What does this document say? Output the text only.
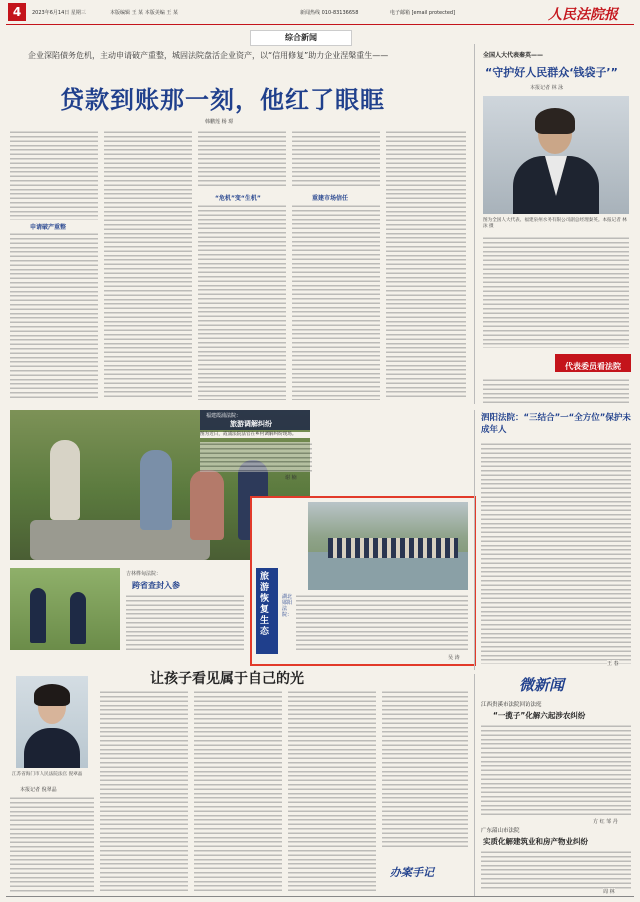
4	2023年6月14日 星期三	本版编辑 王 某 本版美编 王 某	新闻热线 010-83136658	电子邮箱 [email protected]	人民法院报
综合新闻
企业深陷债务危机，主动申请破产重整，城固法院盘活企业资产，以“信用修复”助力企业涅槃重生——
贷款到账那一刻，他红了眼眶
韩鹏莲 杨 璟
申请破产重整
“危机”变“生机”	重建市场信任
全国人大代表秦英——
“守护好人民群众‘钱袋子’”
本报记者 林 泳
图为全国人大代表、福建泉州水务有限公司副总经理秦英。本报记者 林泳 摄
代表委员看法院
福建霞浦法院：
旅游调解纠纷
图为近日，霞浦法院法官在乡村调解纠纷现场。
谢 楠
吉林桦甸法院：
跨省查封入参
旅游恢复生态
湖北郧阳法院：
吴 涛
泗阳法院：“三结合”一“全方位”保护未成年人
王 春
让孩子看见属于自己的光
江苏省海门市人民法院法官 倪翠晶
本报记者 倪翠晶
办案手记
微新闻
江西贵溪市法院回访法庭
“一揽子”化解六起涉农纠纷
方 红 邹 丹
广东韶山市法院
实质化解建筑业和房产物业纠纷
周 林
